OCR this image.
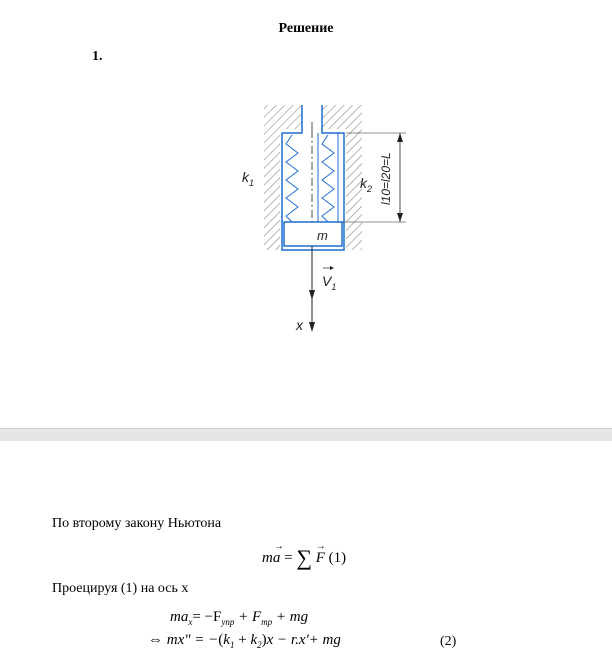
Решение
1.
$k_1$	$k_2$
m
$V_1$
x
l10=l20=L
По второму закону Ньютона
ma
→
= ∑ F
→
(1)
Проецируя (1) на ось x
$ma_x= -F_{упр} + F_{тр}$ + mg
⇔ mx" = $-(k_1 + k_2)x - r.x'+$ mg	(2)
